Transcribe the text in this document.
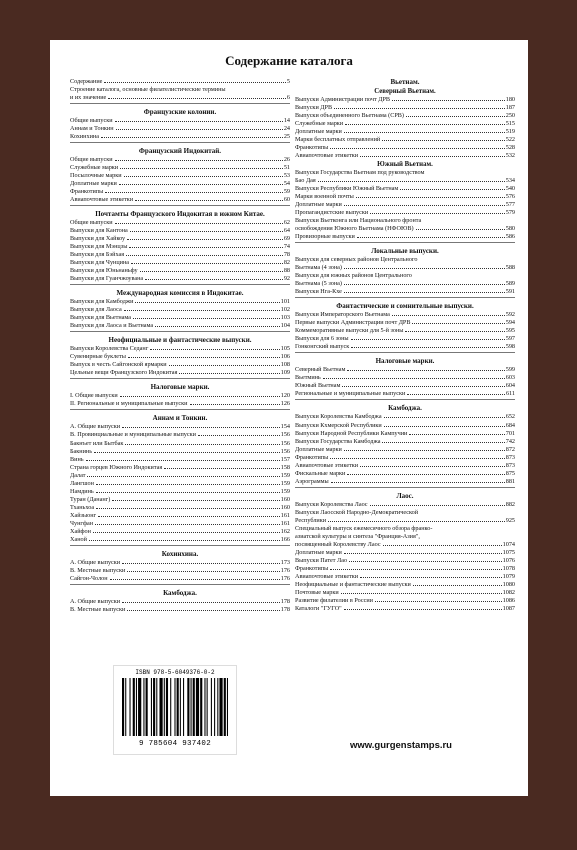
Содержание каталога
Содержание	5
Строение каталога, основные филателистические термины
и их значение	6
Французские колонии.
Общие выпуски	14
Аннам и Тонкин	24
Кохинхина	25
Французский Индокитай.
Общие выпуски	26
Служебные марки	51
Посылочные марки	53
Доплатные марки	54
Франкотипы	59
Авиапочтовые этикетки	60
Почтамты Французского Индокитая в южном Китае.
Общие выпуски	62
Выпуски для Кантона	64
Выпуски для Хайкоу	69
Выпуски для Мэнцзы	74
Выпуски для Бэйхая	78
Выпуски для Чунцина	82
Выпуски для Юньнаньфу	88
Выпуски для Гуанчжоувана	92
Международная комиссия в Индокитае.
Выпуски для Камбоджи	101
Выпуски для Лаоса	102
Выпуски для Вьетнама	103
Выпуски для Лаоса и Вьетнама	104
Неофициальные и фантастические выпуски.
Выпуски Королевства Седанг	105
Сувенирные буклеты	106
Выпуск в честь Сайгонской ярмарки	108
Цельные вещи Французского Индокитая	109
Налоговые марки.
I. Общие выпуски	120
II. Региональные и муниципальные выпуски	126
Аннам и Тонкин.
А. Общие выпуски	154
В. Провинциальные и муниципальные выпуски	156
Бакнъет или Бытбак	156
Бакнинь	156
Винь	157
Страна горцев Южного Индокитая	158
Далат	159
Лангшон	159
Намдинь	159
Туран (Дананг)	160
Тханьхоа	160
Хайзыонг	161
Чунгфан	161
Хайфон	162
Ханой	166
Кохинхина.
А. Общие выпуски	173
В. Местные выпуски	176
Сайгон-Чолон	176
Камбоджа.
А. Общие выпуски	178
В. Местные выпуски	178
Вьетнам.
Северный Вьетнам.
Выпуски Администрации почт ДРВ	180
Выпуски ДРВ	187
Выпуски объединенного Вьетнама (СРВ)	250
Служебные марки	515
Доплатные марки	519
Марки бесплатных отправлений	522
Франкотипы	528
Авиапочтовые этикетки	532
Южный Вьетнам.
Выпуски Государства Вьетнам под руководством
Бао Дая	534
Выпуски Республики Южный Вьетнам	540
Марки военной почты	576
Доплатные марки	577
Пропагандистские выпуски	579
Выпуски Вьетконга или Национального фронта
освобождения Южного Вьетнама (НФОЮВ)	580
Провизорные выпуски	586
Локальные выпуски.
Выпуски для северных районов Центрального
Вьетнама (4 зона)	588
Выпуски для южных районов Центрального
Вьетнама (5 зона)	589
Выпуски Нга-Кхе	591
Фантастические и сомнительные выпуски.
Выпуски Императорского Вьетнама	592
Первые выпуски Администрации почт ДРВ	594
Коммеморативные выпуски для 5-й зоны	595
Выпуски для 6 зоны	597
Гонконгский выпуск	598
Налоговые марки.
Северный Вьетнам	599
Вьетминь	603
Южный Вьетнам	604
Региональные и муниципальные выпуски	611
Камбоджа.
Выпуски Королевства Камбоджа	652
Выпуски Кхмерской Республики	684
Выпуски Народной Республики Кампучии	701
Выпуски Государства Камбоджа	742
Доплатные марки	872
Франкотипы	873
Авиапочтовые этикетки	873
Фискальные марки	875
Аэрограммы	881
Лаос.
Выпуски Королевства Лаос	882
Выпуски Лаосской Народно-Демократической
Республики	925
Специальный выпуск ежемесячного обзора франко-
азиатской культуры и синтеза "Франция-Азия",
посвященный Королевству Лаос	1074
Доплатные марки	1075
Выпуски Патет Лао	1076
Франкотипы	1078
Авиапочтовые этикетки	1079
Неофициальные и фантастические выпуски	1080
Почтовые марки	1082
Развитие филателии в России	1086
Каталоги "ГУГО"	1087
ISBN 978-5-6049376-0-2
9 785604 937402	www.gurgenstamps.ru
